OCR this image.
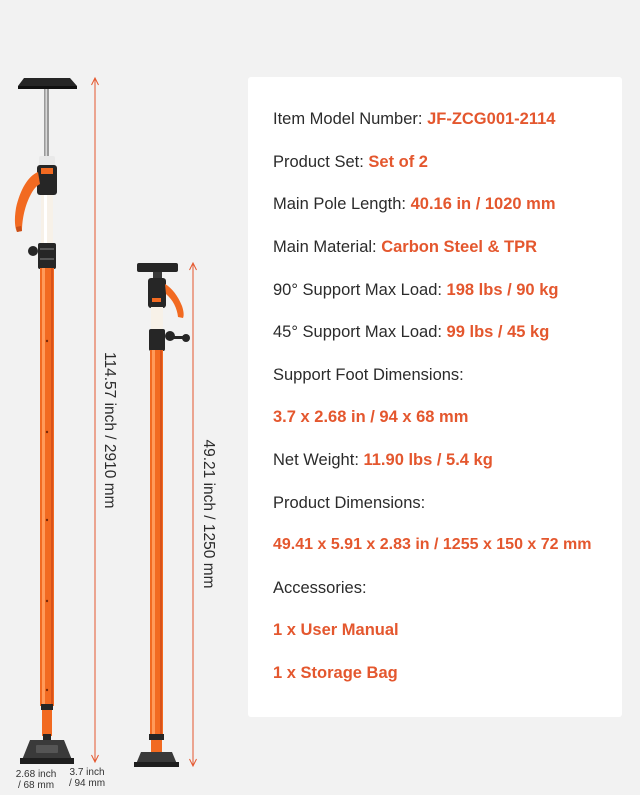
114.57 inch / 2910 mm
49.21 inch / 1250 mm
2.68 inch
/ 68 mm
3.7 inch
/ 94 mm
Item Model Number: JF-ZCG001-2114
Product Set: Set of 2
Main Pole Length: 40.16 in / 1020 mm
Main Material: Carbon Steel & TPR
90° Support Max Load: 198 lbs / 90 kg
45° Support Max Load: 99 lbs / 45 kg
Support Foot Dimensions:
3.7 x 2.68 in / 94 x 68 mm
Net Weight: 11.90 lbs / 5.4 kg
Product Dimensions:
49.41 x 5.91 x 2.83 in / 1255 x 150 x 72 mm
Accessories:
1 x User Manual
1 x Storage Bag
